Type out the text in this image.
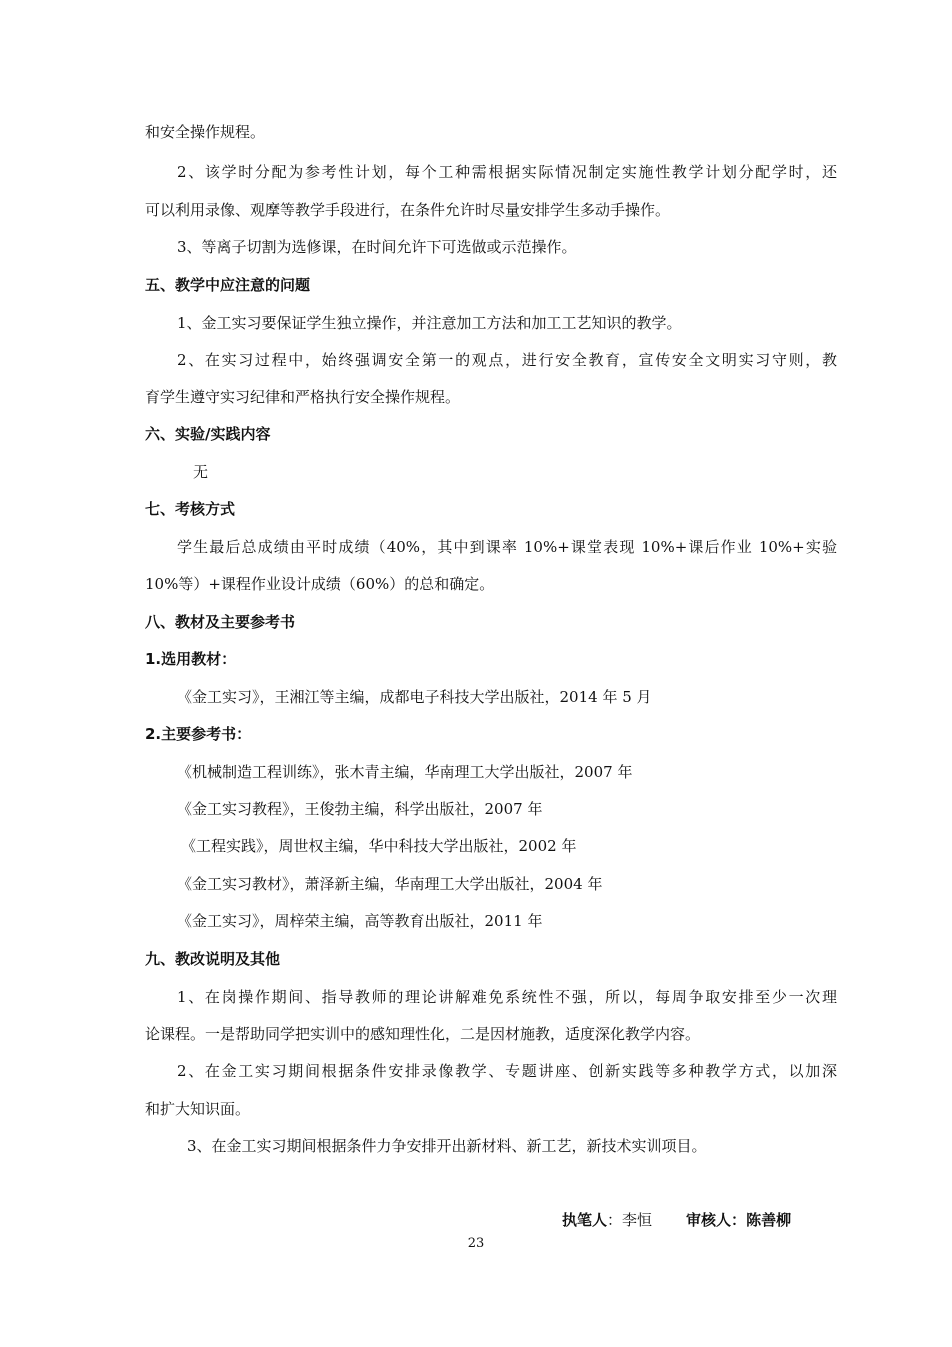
和安全操作规程。
2、该学时分配为参考性计划，每个工种需根据实际情况制定实施性教学计划分配学时，还
可以利用录像、观摩等教学手段进行，在条件允许时尽量安排学生多动手操作。
3、等离子切割为选修课，在时间允许下可选做或示范操作。
五、教学中应注意的问题
1、金工实习要保证学生独立操作，并注意加工方法和加工工艺知识的教学。
2、在实习过程中，始终强调安全第一的观点，进行安全教育，宣传安全文明实习守则，教
育学生遵守实习纪律和严格执行安全操作规程。
六、实验/实践内容
无
七、考核方式
学生最后总成绩由平时成绩（40%，其中到课率 10%+课堂表现 10%+课后作业 10%+实验
10%等）+课程作业设计成绩（60%）的总和确定。
八、教材及主要参考书
1.选用教材：
《金工实习》，王湘江等主编，成都电子科技大学出版社，2014 年 5 月
2.主要参考书：
《机械制造工程训练》，张木青主编，华南理工大学出版社，2007 年
《金工实习教程》，王俊勃主编，科学出版社，2007 年
《工程实践》，周世权主编，华中科技大学出版社，2002 年
《金工实习教材》，萧泽新主编，华南理工大学出版社，2004 年
《金工实习》，周梓荣主编，高等教育出版社，2011 年
九、教改说明及其他
1、在岗操作期间、指导教师的理论讲解难免系统性不强，所以，每周争取安排至少一次理
论课程。一是帮助同学把实训中的感知理性化，二是因材施教，适度深化教学内容。
2、在金工实习期间根据条件安排录像教学、专题讲座、创新实践等多种教学方式，以加深
和扩大知识面。
3、在金工实习期间根据条件力争安排开出新材料、新工艺，新技术实训项目。
执笔人：李恒 审核人：陈善柳
23
